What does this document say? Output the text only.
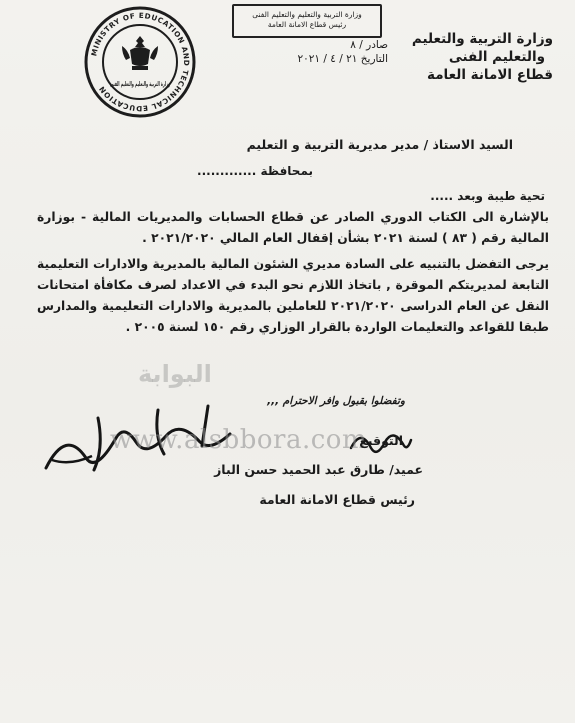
وزارة التربية والتعليم
والتعليم الفنى
قطاع الامانة العامة
وزارة التربية والتعليم والتعليم الفنى
رئيس قطاع الامانة العامة
صادر / ٨
التاريخ ٢١ / ٤ / ٢٠٢١
MINISTRY OF EDUCATION AND TECHNICAL EDUCATION
وزارة التربية والتعليم والتعليم الفنى
السيد الاستاذ / مدير مديرية التربية و التعليم
بمحافظة .............
تحية طيبة وبعد .....
بالإشارة الى الكتاب الدوري الصادر عن قطاع الحسابات والمديريات المالية - بوزارة المالية رقم ( ٨٣ ) لسنة ٢٠٢١ بشأن إقفال العام المالي ٢٠٢١/٢٠٢٠ .
يرجى التفضل بالتنبيه على السادة مديري الشئون المالية بالمديرية والادارات التعليمية التابعة لمديريتكم الموقرة , باتخاذ اللازم نحو البدء في الاعداد لصرف مكافأة امتحانات النقل عن العام الدراسى ٢٠٢١/٢٠٢٠ للعاملين بالمديرية والادارات التعليمية والمدارس طبقا للقواعد والتعليمات الواردة بالقرار الوزاري رقم ١٥٠ لسنة ٢٠٠٥ .
البوابة
وتفضلوا بقبول وافر الاحترام ,,,
www.alsbbora.com
التوقيع
عميد/ طارق عبد الحميد حسن الباز
رئيس قطاع الامانة العامة
